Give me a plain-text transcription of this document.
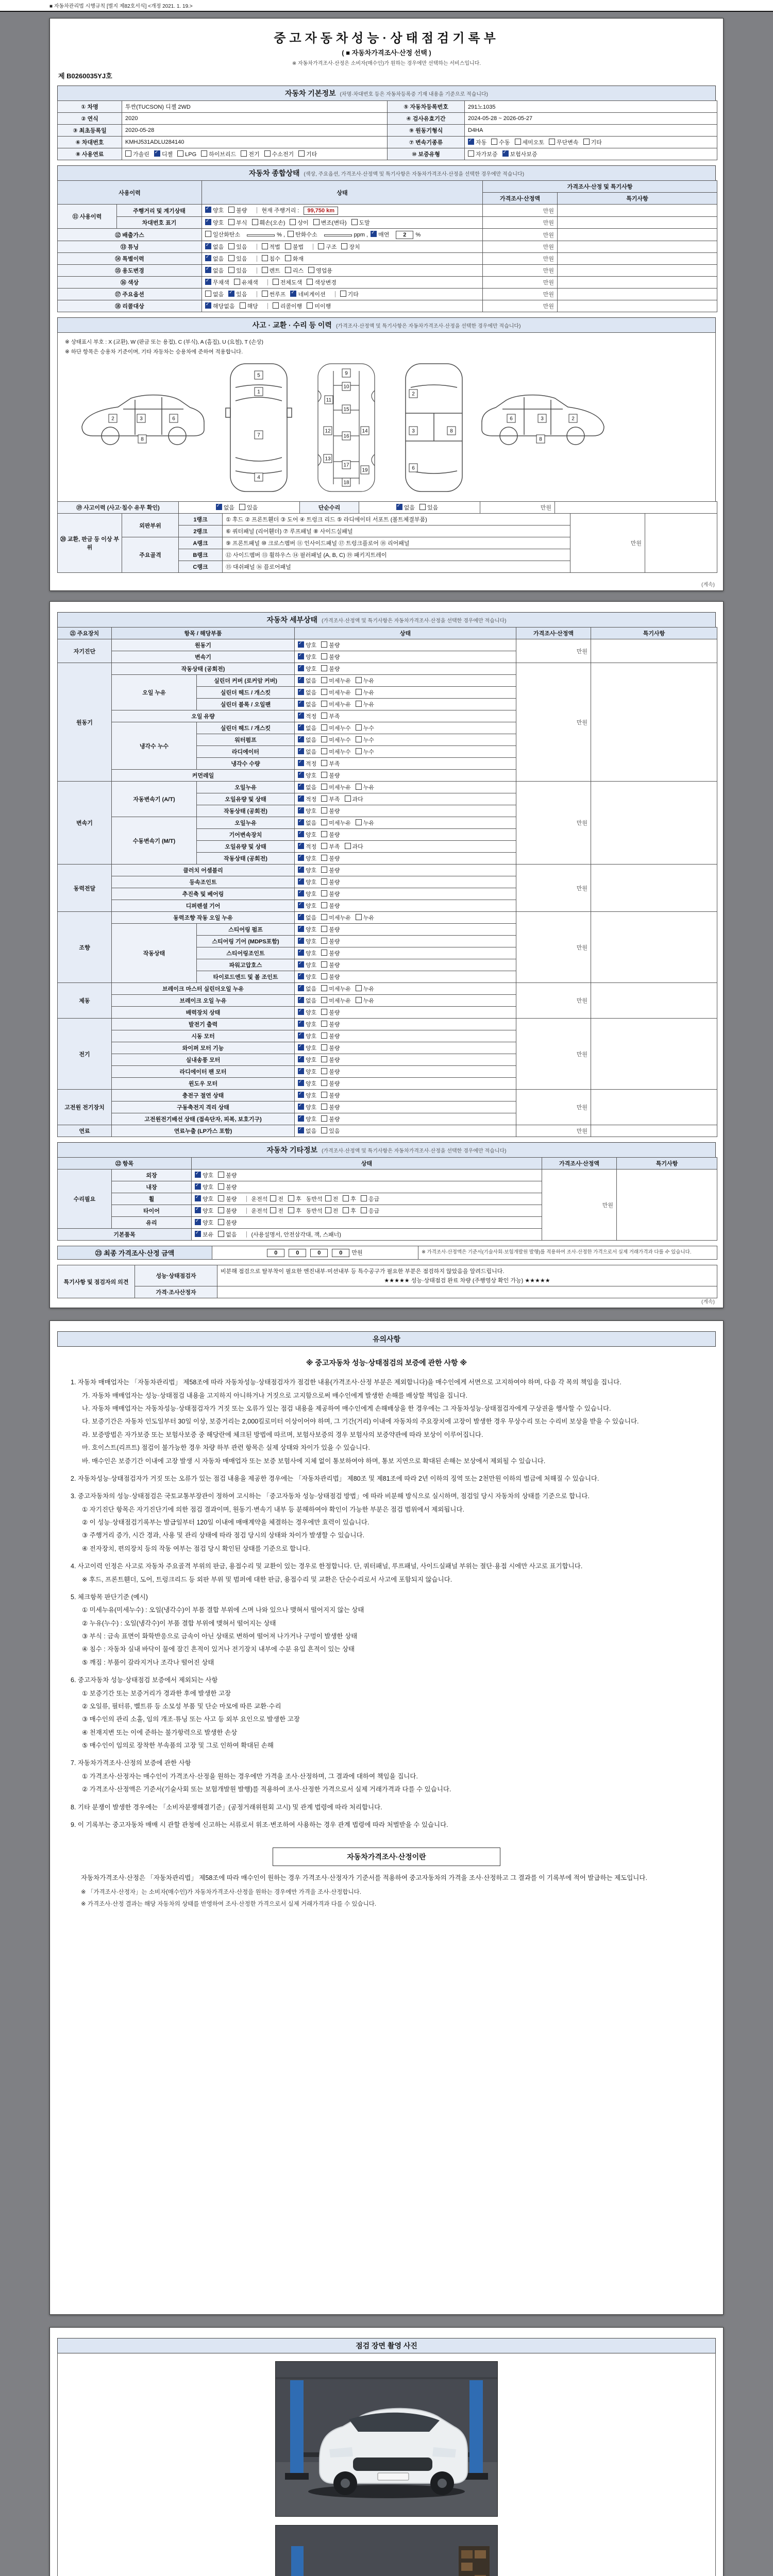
■ 자동차관리법 시행규칙 [별지 제82호서식] <개정 2021. 1. 19.>
중고자동차성능·상태점검기록부
( ■ 자동차가격조사·산정 선택 )
※ 자동차가격조사·산정은 소비자(매수인)가 원하는 경우에만 선택하는 서비스입니다.
제 B0260035YJ호
자동차 기본정보 (차명·차대번호 등은 자동차등록증 기재 내용을 기준으로 적습니다)
① 차명	투싼(TUCSON) 디젤 2WD	⑤ 자동차등록번호	291노1035
② 연식	2020	④ 검사유효기간	2024-05-28 ~ 2026-05-27
③ 최초등록일	2020-05-28	⑨ 원동기형식	D4HA
⑥ 차대번호	KMHJ531ADLU284140	⑦ 변속기종류	✓자동 수동 세미오토 무단변속 기타
⑧ 사용연료	가솔린 ✓ 디젤 LPG 하이브리드 전기 수소전기 기타	⑩ 보증유형	자가보증 ✓ 보험사보증
자동차 종합상태 (색상, 주요옵션, 가격조사·산정액 및 특기사항은 자동차가격조사·산정을 선택한 경우에만 적습니다)
사용이력		상태	가격조사·산정 및 특기사항	
			가격조사·산정액	특기사항
⑪ 사용이력	주행거리 및 계기상태	✓양호 불량 현재 주행거리 : 99,750 km	만원	
	차대번호 표기	✓양호 부식 훼손(오손) 상이 변조(변타) 도말	만원	
⑫ 배출가스		일산화탄소 % , 탄화수소 ppm , ✓ 매연 2 %	만원	
⑬ 튜닝	✓없음 있음 적법 불법 구조 장치	만원	
⑭ 특별이력	✓없음 있음 침수 화재	만원	
⑮ 용도변경	✓없음 있음 렌트 리스 영업용	만원	
⑯ 색상	✓무채색 유채색 전체도색 색상변경	만원	
⑰ 주요옵션		없음 ✓ 있음 썬루프 ✓ 네비게이션 기타	만원	
⑱ 리콜대상	✓해당없음 해당 리콜이행 미이행	만원	
사고 · 교환 · 수리 등 이력 (가격조사·산정액 및 특기사항은 자동차가격조사·산정을 선택한 경우에만 적습니다)
※ 상태표시 부호 : X (교환), W (판금 또는 용접), C (부식), A (흠집), U (요철), T (손상)
※ 하단 항목은 승용차 기준이며, 기타 자동차는 승용차에 준하여 적용합니다.
2	3	6
8
5
1
7
4
9
10
11
15
12
16
14
13
17
19
18
2
3
6
8
2
3
6
8
⑲ 사고이력 (사고·침수 유무 확인)	✓없음 있음	단순수리	✓없음 있음	만원	
⑳ 교환, 판금 등 이상 부위	외판부위	1랭크	① 후드 ② 프론트휀더 ③ 도어 ④ 트렁크 리드 ⑤ 라디에이터 서포트 (볼트체결부품)	만원	
		2랭크	⑥ 쿼터패널 (리어휀더) ⑦ 루프패널 ⑧ 사이드실패널		
	주요골격	A랭크	⑨ 프론트패널 ⑩ 크로스멤버 ⑪ 인사이드패널 ⑰ 트렁크플로어 ⑱ 리어패널		
		B랭크	⑫ 사이드멤버 ⑬ 휠하우스 ⑭ 필러패널 (A, B, C) ⑲ 패키지트레이		
		C랭크	⑮ 대쉬패널 ⑯ 플로어패널		
(계속)
자동차 세부상태 (가격조사·산정액 및 특기사항은 자동차가격조사·산정을 선택한 경우에만 적습니다)
㉑ 주요장치	항목 / 해당부품		상태	가격조사·산정액	특기사항
자기진단	원동기	✓양호 불량	만원	
	변속기	✓양호 불량
원동기	작동상태 (공회전)	✓양호 불량	만원	
	오일 누유	실린더 커버 (로커암 커버)	✓없음 미세누유 누유
		실린더 헤드 / 개스킷	✓없음 미세누유 누유
		실린더 블록 / 오일팬	✓없음 미세누유 누유
	오일 유량	✓적정 부족
	냉각수 누수	실린더 헤드 / 개스킷	✓없음 미세누수 누수
		워터펌프	✓없음 미세누수 누수
		라디에이터	✓없음 미세누수 누수
		냉각수 수량	✓적정 부족
	커먼레일	✓양호 불량
변속기	자동변속기 (A/T)	오일누유	✓없음 미세누유 누유	만원	
		오일유량 및 상태	✓적정 부족 과다
		작동상태 (공회전)	✓양호 불량
	수동변속기 (M/T)	오일누유	✓없음 미세누유 누유
		기어변속장치	✓양호 불량
		오일유량 및 상태	✓적정 부족 과다
		작동상태 (공회전)	✓양호 불량
동력전달	클러치 어셈블리	✓양호 불량	만원	
	등속조인트	✓양호 불량
	추진축 및 베어링	✓양호 불량
	디퍼렌셜 기어	✓양호 불량
조향	동력조향 작동 오일 누유	✓없음 미세누유 누유	만원	
	작동상태	스티어링 펌프	✓양호 불량
		스티어링 기어 (MDPS포함)	✓양호 불량
		스티어링조인트	✓양호 불량
		파워고압호스	✓양호 불량
		타이로드엔드 및 볼 조인트	✓양호 불량
제동	브레이크 마스터 실린더오일 누유	✓없음 미세누유 누유	만원	
	브레이크 오일 누유	✓없음 미세누유 누유
	배력장치 상태	✓양호 불량
전기	발전기 출력	✓양호 불량	만원	
	시동 모터	✓양호 불량
	와이퍼 모터 기능	✓양호 불량
	실내송풍 모터	✓양호 불량
	라디에이터 팬 모터	✓양호 불량
	윈도우 모터	✓양호 불량
고전원 전기장치	충전구 절연 상태	✓양호 불량	만원	
	구동축전지 격리 상태	✓양호 불량
	고전원전기배선 상태 (접속단자, 피복, 보호기구)	✓양호 불량
연료	연료누출 (LP가스 포함)	✓없음 있음	만원	
자동차 기타정보 (가격조사·산정액 및 특기사항은 자동차가격조사·산정을 선택한 경우에만 적습니다)
㉒ 항목		상태	가격조사·산정액	특기사항
수리필요	외장	✓양호 불량	만원	
	내장	✓양호 불량
	휠	✓양호 불량 운전석 전 후 동반석 전 후 응급
	타이어	✓양호 불량 운전석 전 후 동반석 전 후 응급
	유리	✓양호 불량
기본품목	✓보유 없음 (사용설명서, 안전삼각대, 잭, 스패너)
㉓ 최종 가격조사·산정 금액	0	0	0	0 만원	※ 가격조사·산정액은 기준서(기술사회·보험개발원 발행)를 적용하여 조사·산정한 가격으로서 실제 거래가격과 다를 수 있습니다.
특기사항 및 점검자의 의견	성능·상태점검자	비분해 점검으로 탈부착이 필요한 엔진내부·미션내부 등 특수공구가 필요한 부분은 점검하지 않았음을 알려드립니다.
★★★★★ 성능·상태점검 완료 차량 (주행영상 확인 가능) ★★★★★

	가격·조사산정자	
(계속)
유의사항
※ 중고자동차 성능·상태점검의 보증에 관한 사항 ※
1. 자동차 매매업자는 「자동차관리법」 제58조에 따라 자동차성능·상태점검자가 점검한 내용(가격조사·산정 부분은 제외합니다)을 매수인에게 서면으로 고지하여야 하며, 다음 각 목의 책임을 집니다.
가. 자동차 매매업자는 성능·상태점검 내용을 고지하지 아니하거나 거짓으로 고지함으로써 매수인에게 발생한 손해를 배상할 책임을 집니다.
나. 자동차 매매업자는 자동차성능·상태점검자가 거짓 또는 오류가 있는 점검 내용을 제공하여 매수인에게 손해배상을 한 경우에는 그 자동차성능·상태점검자에게 구상권을 행사할 수 있습니다.
다. 보증기간은 자동차 인도일부터 30일 이상, 보증거리는 2,000킬로미터 이상이어야 하며, 그 기간(거리) 이내에 자동차의 주요장치에 고장이 발생한 경우 무상수리 또는 수리비 보상을 받을 수 있습니다.
라. 보증방법은 자가보증 또는 보험사보증 중 해당란에 체크된 방법에 따르며, 보험사보증의 경우 보험사의 보증약관에 따라 보상이 이루어집니다.
마. 호이스트(리프트) 점검이 불가능한 경우 차량 하부 관련 항목은 실제 상태와 차이가 있을 수 있습니다.
바. 매수인은 보증기간 이내에 고장 발생 시 자동차 매매업자 또는 보증 보험사에 지체 없이 통보하여야 하며, 통보 지연으로 확대된 손해는 보상에서 제외될 수 있습니다.
2. 자동차성능·상태점검자가 거짓 또는 오류가 있는 점검 내용을 제공한 경우에는 「자동차관리법」 제80조 및 제81조에 따라 2년 이하의 징역 또는 2천만원 이하의 벌금에 처해질 수 있습니다.
3. 중고자동차의 성능·상태점검은 국토교통부장관이 정하여 고시하는 「중고자동차 성능·상태점검 방법」에 따라 비분해 방식으로 실시하며, 점검일 당시 자동차의 상태를 기준으로 합니다.
① 자기진단 항목은 자기진단기에 의한 점검 결과이며, 원동기·변속기 내부 등 분해하여야 확인이 가능한 부분은 점검 범위에서 제외됩니다.
② 이 성능·상태점검기록부는 발급일부터 120일 이내에 매매계약을 체결하는 경우에만 효력이 있습니다.
③ 주행거리 증가, 시간 경과, 사용 및 관리 상태에 따라 점검 당시의 상태와 차이가 발생할 수 있습니다.
④ 전자장치, 편의장치 등의 작동 여부는 점검 당시 확인된 상태를 기준으로 합니다.
4. 사고이력 인정은 사고로 자동차 주요골격 부위의 판금, 용접수리 및 교환이 있는 경우로 한정합니다. 단, 쿼터패널, 루프패널, 사이드실패널 부위는 절단·용접 시에만 사고로 표기합니다.
※ 후드, 프론트휀더, 도어, 트렁크리드 등 외판 부위 및 범퍼에 대한 판금, 용접수리 및 교환은 단순수리로서 사고에 포함되지 않습니다.
5. 체크항목 판단기준 (예시)
① 미세누유(미세누수) : 오일(냉각수)이 부품 결합 부위에 스며 나와 있으나 맺혀서 떨어지지 않는 상태
② 누유(누수) : 오일(냉각수)이 부품 결합 부위에 맺혀서 떨어지는 상태
③ 부식 : 금속 표면이 화학반응으로 금속이 아닌 상태로 변하여 떨어져 나가거나 구멍이 발생한 상태
④ 침수 : 자동차 실내 바닥이 물에 잠긴 흔적이 있거나 전기장치 내부에 수분 유입 흔적이 있는 상태
⑤ 깨짐 : 부품이 갈라지거나 조각나 떨어진 상태
6. 중고자동차 성능·상태점검 보증에서 제외되는 사항
① 보증기간 또는 보증거리가 경과한 후에 발생한 고장
② 오일류, 필터류, 벨트류 등 소모성 부품 및 단순 마모에 따른 교환·수리
③ 매수인의 관리 소홀, 임의 개조·튜닝 또는 사고 등 외부 요인으로 발생한 고장
④ 천재지변 또는 이에 준하는 불가항력으로 발생한 손상
⑤ 매수인이 임의로 장착한 부속품의 고장 및 그로 인하여 확대된 손해
7. 자동차가격조사·산정의 보증에 관한 사항
① 가격조사·산정자는 매수인이 가격조사·산정을 원하는 경우에만 가격을 조사·산정하며, 그 결과에 대하여 책임을 집니다.
② 가격조사·산정액은 기준서(기술사회 또는 보험개발원 발행)를 적용하여 조사·산정한 가격으로서 실제 거래가격과 다를 수 있습니다.
8. 기타 분쟁이 발생한 경우에는 「소비자분쟁해결기준」(공정거래위원회 고시) 및 관계 법령에 따라 처리합니다.
9. 이 기록부는 중고자동차 매매 시 관할 관청에 신고하는 서류로서 위조·변조하여 사용하는 경우 관계 법령에 따라 처벌받을 수 있습니다.
자동차가격조사·산정이란
자동차가격조사·산정은 「자동차관리법」 제58조에 따라 매수인이 원하는 경우 가격조사·산정자가 기준서를 적용하여 중고자동차의 가격을 조사·산정하고 그 결과를 이 기록부에 적어 발급하는 제도입니다.
※ 「가격조사·산정자」는 소비자(매수인)가 자동차가격조사·산정을 원하는 경우에만 가격을 조사·산정합니다.
※ 가격조사·산정 결과는 해당 자동차의 상태를 반영하여 조사·산정한 가격으로서 실제 거래가격과 다를 수 있습니다.
점검 장면 촬영 사진
